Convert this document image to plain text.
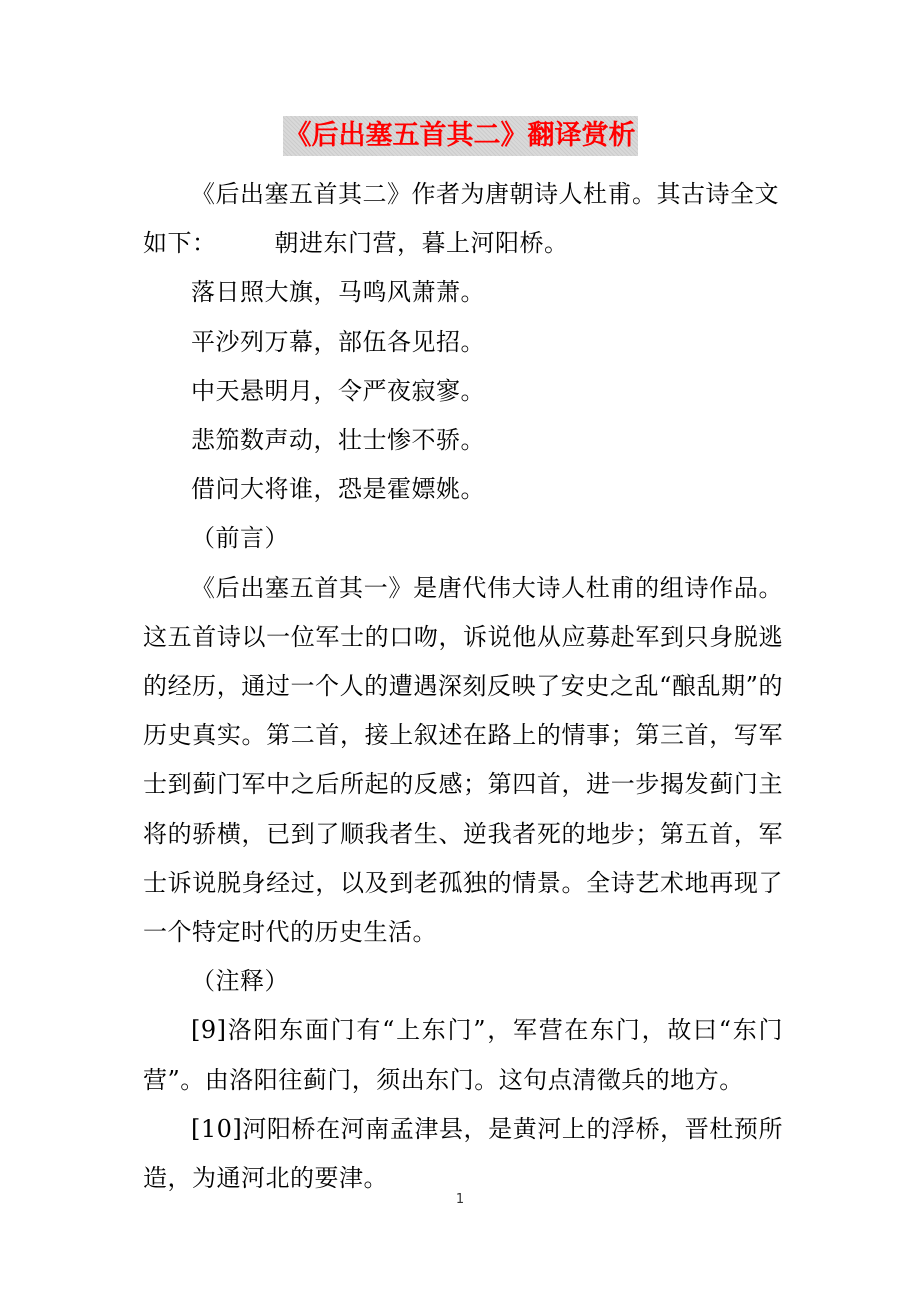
《后出塞五首其二》翻译赏析

《后出塞五首其二》作者为唐朝诗人杜甫。其古诗全文如下： 朝进东门营，暮上河阳桥。

落日照大旗，马鸣风萧萧。

平沙列万幕，部伍各见招。

中天悬明月，令严夜寂寥。

悲笳数声动，壮士惨不骄。

借问大将谁，恐是霍嫖姚。

（前言）

《后出塞五首其一》是唐代伟大诗人杜甫的组诗作品。这五首诗以一位军士的口吻，诉说他从应募赴军到只身脱逃的经历，通过一个人的遭遇深刻反映了安史之乱“酿乱期”的历史真实。第二首，接上叙述在路上的情事；第三首，写军士到蓟门军中之后所起的反感；第四首，进一步揭发蓟门主将的骄横，已到了顺我者生、逆我者死的地步；第五首，军士诉说脱身经过，以及到老孤独的情景。全诗艺术地再现了一个特定时代的历史生活。

（注释）

[9]洛阳东面门有“上东门”，军营在东门，故曰“东门营”。由洛阳往蓟门，须出东门。这句点清徵兵的地方。

[10]河阳桥在河南孟津县，是黄河上的浮桥，晋杜预所造，为通河北的要津。

1
